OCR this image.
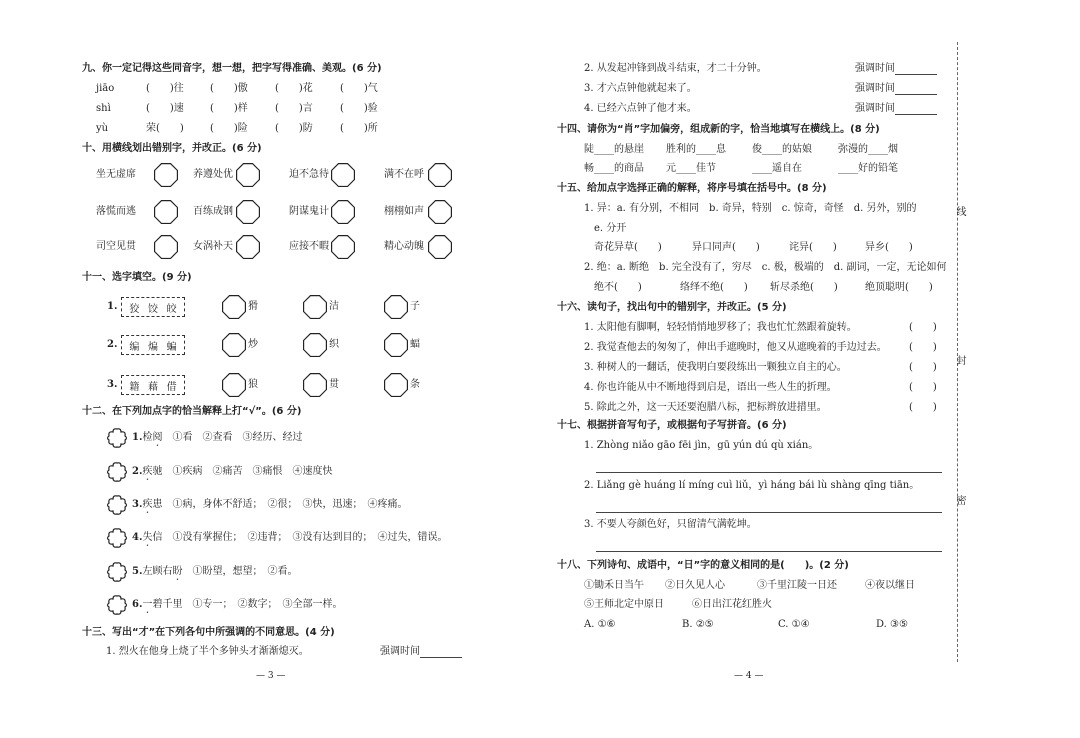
九、你一定记得这些同音字，想一想，把字写得准确、美观。(6 分)
jiāo	(　　)往	(　　)傲	(　　)花	(　　)气
shì	(　　)速	(　　)样	(　　)言	(　　)验
yù	荣(　　)	(　　)险	(　　)防	(　　)所
十、用横线划出错别字，并改正。(6 分)
坐无虚席	养遵处优	迫不急待	满不在呼
落慌而逃	百练成钢	阴谋鬼计	栩栩如声
司空见贯	女涡补天	应接不暇	精心动魄
十一、选字填空。(9 分)
1. 狡 饺 皎	猾	洁	子
2. 编 煸 蝙	炒	织	蝠
3. 籍 藉 借	狼	贯	条
十二、在下列加点字的恰当解释上打“√”。(6 分)
1.检阅 ①看　②查看　③经历、经过
2.疾驰 ①疾病　②痛苦　③痛恨　④速度快
3.疾患 ①病，身体不舒适；　②很；　③快，迅速；　④疼痛。
4.失信 ①没有掌握住；　②违背；　③没有达到目的；　④过失，错误。
5.左顾右盼 ①盼望，想望；　②看。
6.一碧千里 ①专一；　②数字；　③全部一样。
十三、写出“才”在下列各句中所强调的不同意思。(4 分)
1. 烈火在他身上烧了半个多钟头才渐渐熄灭。	强调时间
— 3 —
2. 从发起冲锋到战斗结束，才二十分钟。	强调时间
3. 才六点钟他就起来了。	强调时间
4. 已经六点钟了他才来。	强调时间
十四、请你为“肖”字加偏旁，组成新的字，恰当地填写在横线上。(8 分)
陡____的悬崖 胜利的____息	俊____的姑娘	弥漫的____烟
畅____的商品 元____佳节	____遥自在	____好的铅笔
十五、给加点字选择正确的解释，将序号填在括号中。(8 分)
1. 异：a. 有分别，不相同　b. 奇异，特别　c. 惊奇，奇怪　d. 另外，别的
e. 分开
奇花异草(　　)	异口同声(　　)	诧异(　　)	异乡(　　)
2. 绝：a. 断绝　b. 完全没有了，穷尽　c. 极，极端的　d. 副词，一定，无论如何
绝不(　　)	络绎不绝(　　) 斩尽杀绝(　　)	绝顶聪明(　　)
十六、读句子，找出句中的错别字，并改正。(5 分)
1. 太阳他有脚啊，轻轻悄悄地罗移了；我也忙忙然跟着旋转。	(　　)
2. 我觉查他去的匆匆了，伸出手遮晚时，他又从遮晚着的手边过去。 (　　)
3. 种树人的一翻话，使我明白要段练出一颗独立自主的心。	(　　)
4. 你也许能从中不断地得到启是，语出一些人生的折理。	(　　)
5. 除此之外，这一天还要泡腊八标，把标辫放进措里。	(　　)
十七、根据拼音写句子，或根据句子写拼音。(6 分)
1. Zhòng niǎo gāo fēi jìn，gū yún dú qù xián。
2. Liǎng gè huáng lí míng cuì liǔ，yì háng bái lù shàng qīng tiān。
3. 不要人夸颜色好，只留清气满乾坤。
十八、下列诗句、成语中，“日”字的意义相同的是(　　)。(2 分)
①锄禾日当午 ②日久见人心	③千里江陵一日还	④夜以继日
⑤王师北定中原日	⑥日出江花红胜火
A. ①⑥	B. ②⑤	C. ①④	D. ③⑤
— 4 —
线
封
密
